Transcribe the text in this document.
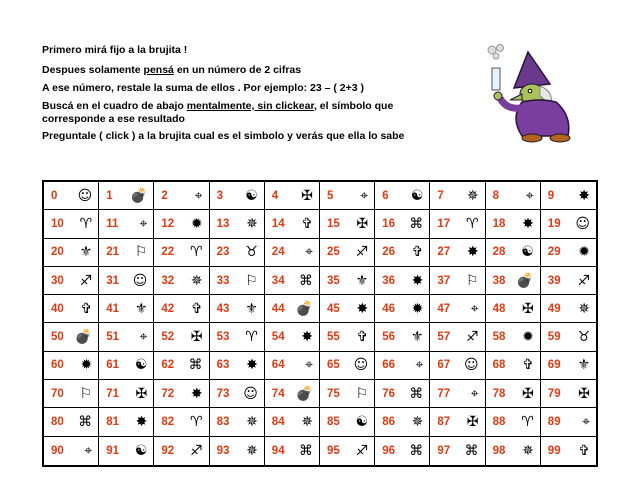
Primero mirá fijo a la brujita !

Despues solamente pensá en un número de 2 cifras

A ese número, restale la suma de ellos . Por ejemplo: 23 – ( 2+3 )

Buscá en el cuadro de abajo mentalmente, sin clickear, el símbolo que corresponde a ese resultado

Preguntale ( click ) a la brujita cual es el simbolo y verás que ella lo sabe

0 ☺ 1 💣 2 ⌖ 3 ☯ 4 ✠ 5 ⌖ 6 ☯ 7 ✵ 8 ⌖ 9 ✸
10 ♈ 11 ⌖ 12 ✹ 13 ✵ 14 ✞ 15 ✠ 16 ⌘ 17 ♈ 18 ✸ 19 ☺
20 ⚜ 21 ⚐ 22 ♈ 23 ♉ 24 ⌖ 25 ♐ 26 ✞ 27 ✸ 28 ☯ 29 ✹
30 ♐ 31 ☺ 32 ✵ 33 ⚐ 34 ⌘ 35 ⚜ 36 ✸ 37 ⚐ 38 💣 39 ♐
40 ✞ 41 ⚜ 42 ✞ 43 ⚜ 44 💣 45 ✸ 46 ✹ 47 ⌖ 48 ✠ 49 ✵
50 💣 51 ⌖ 52 ✠ 53 ♈ 54 ✸ 55 ✞ 56 ⚜ 57 ♐ 58 ✹ 59 ♉
60 ✹ 61 ☯ 62 ⌘ 63 ✸ 64 ⌖ 65 ☺ 66 ⌖ 67 ☺ 68 ✞ 69 ⚜
70 ⚐ 71 ✠ 72 ✸ 73 ☺ 74 💣 75 ⚐ 76 ⌘ 77 ⌖ 78 ✠ 79 ✠
80 ⌘ 81 ✸ 82 ♈ 83 ✵ 84 ✵ 85 ☯ 86 ✵ 87 ✠ 88 ♈ 89 ⌖
90 ⌖ 91 ☯ 92 ♐ 93 ✵ 94 ⌘ 95 ♐ 96 ⌘ 97 ⌘ 98 ✵ 99 ✞
